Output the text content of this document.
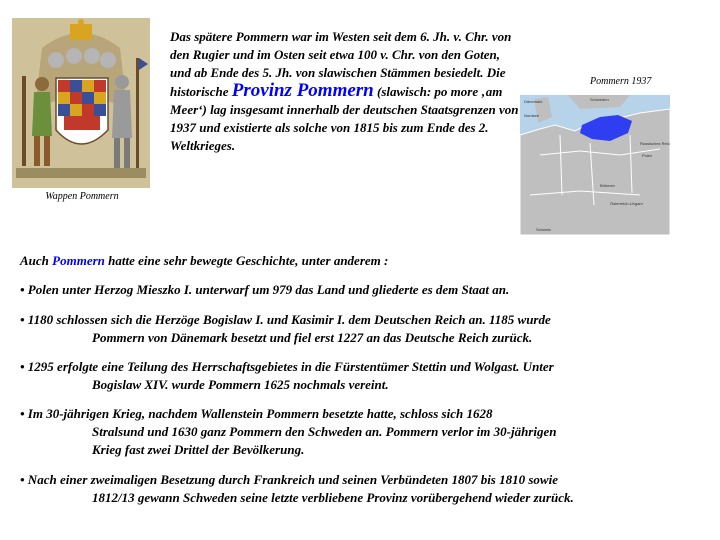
Wappen Pommern
Das spätere Pommern war im Westen seit dem 6. Jh. v. Chr. von den Rugier und im Osten seit etwa 100 v. Chr. von den Goten, und ab Ende des 5. Jh. von slawischen Stämmen besiedelt. Die historische Provinz Pommern (slawisch: po more ‚am Meer‘) lag insgesamt innerhalb der deutschen Staatsgrenzen von 1937 und existierte als solche von 1815 bis zum Ende des 2. Weltkrieges.
Pommern 1937
Dänemark	Schweden
Nordsee
Russisches Reich
Polen
Böhmen
Österreich-Ungarn
Schweiz
Auch Pommern hatte eine sehr bewegte Geschichte, unter anderem :
• Polen unter Herzog Mieszko I. unterwarf um 979 das Land und gliederte es dem Staat an.
• 1180 schlossen sich die Herzöge Bogislaw I. und Kasimir I. dem Deutschen Reich an. 1185 wurde
Pommern von Dänemark besetzt und fiel erst 1227 an das Deutsche Reich zurück.
• 1295 erfolgte eine Teilung des Herrschaftsgebietes in die Fürstentümer Stettin und Wolgast. Unter
Bogislaw XIV. wurde Pommern 1625 nochmals vereint.
• Im 30-jährigen Krieg, nachdem Wallenstein Pommern besetzte hatte, schloss sich 1628
Stralsund und 1630 ganz Pommern den Schweden an. Pommern verlor im 30-jährigen
Krieg fast zwei Drittel der Bevölkerung.
• Nach einer zweimaligen Besetzung durch Frankreich und seinen Verbündeten 1807 bis 1810 sowie
1812/13 gewann Schweden seine letzte verbliebene Provinz vorübergehend wieder zurück.
